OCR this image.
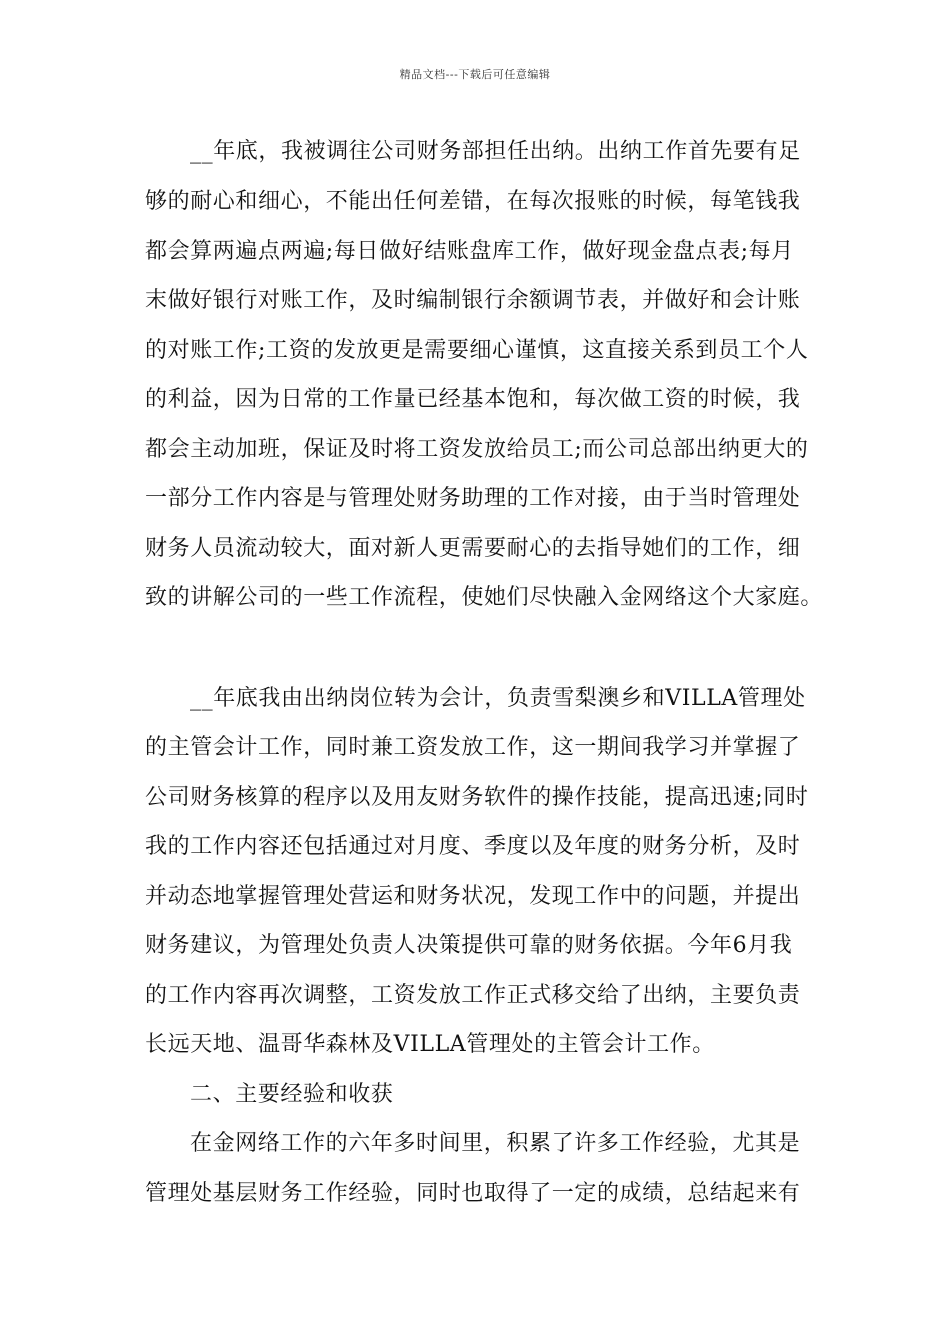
精品文档---下载后可任意编辑
__年底，我被调往公司财务部担任出纳。出纳工作首先要有足
够的耐心和细心，不能出任何差错，在每次报账的时候，每笔钱我
都会算两遍点两遍;每日做好结账盘库工作，做好现金盘点表;每月
末做好银行对账工作，及时编制银行余额调节表，并做好和会计账
的对账工作;工资的发放更是需要细心谨慎，这直接关系到员工个人
的利益，因为日常的工作量已经基本饱和，每次做工资的时候，我
都会主动加班，保证及时将工资发放给员工;而公司总部出纳更大的
一部分工作内容是与管理处财务助理的工作对接，由于当时管理处
财务人员流动较大，面对新人更需要耐心的去指导她们的工作，细
致的讲解公司的一些工作流程，使她们尽快融入金网络这个大家庭。
__年底我由出纳岗位转为会计，负责雪梨澳乡和VILLA管理处
的主管会计工作，同时兼工资发放工作，这一期间我学习并掌握了
公司财务核算的程序以及用友财务软件的操作技能，提高迅速;同时
我的工作内容还包括通过对月度、季度以及年度的财务分析，及时
并动态地掌握管理处营运和财务状况，发现工作中的问题，并提出
财务建议，为管理处负责人决策提供可靠的财务依据。今年6月我
的工作内容再次调整，工资发放工作正式移交给了出纳，主要负责
长远天地、温哥华森林及VILLA管理处的主管会计工作。
二、主要经验和收获
在金网络工作的六年多时间里，积累了许多工作经验，尤其是
管理处基层财务工作经验，同时也取得了一定的成绩，总结起来有
